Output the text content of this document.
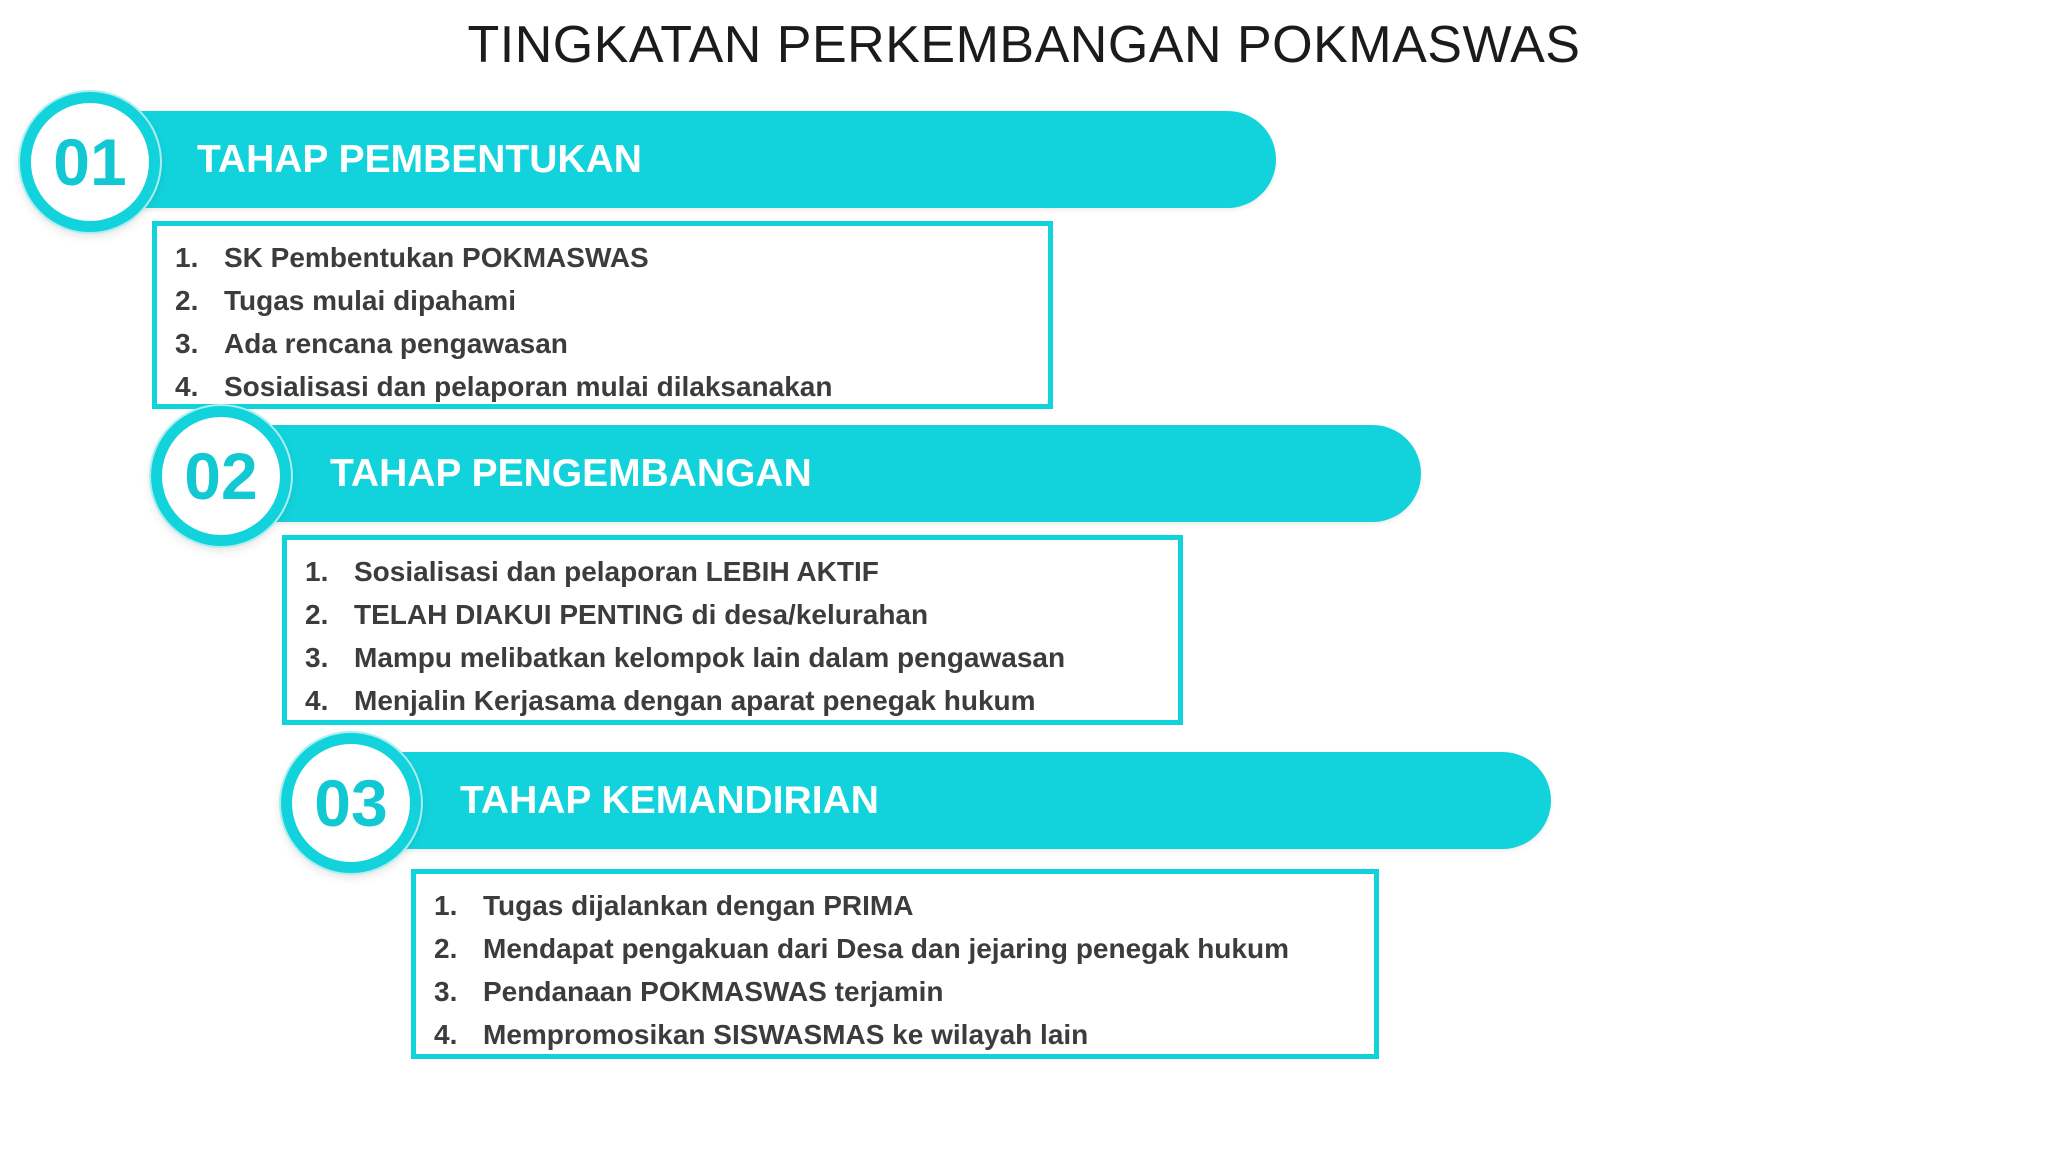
TINGKATAN PERKEMBANGAN POKMASWAS
TAHAP PEMBENTUKAN
01
1. SK Pembentukan POKMASWAS
2. Tugas mulai dipahami
3. Ada rencana pengawasan
4. Sosialisasi dan pelaporan mulai dilaksanakan
TAHAP PENGEMBANGAN
02
1. Sosialisasi dan pelaporan LEBIH AKTIF
2. TELAH DIAKUI PENTING di desa/kelurahan
3. Mampu melibatkan kelompok lain dalam pengawasan
4. Menjalin Kerjasama dengan aparat penegak hukum
TAHAP KEMANDIRIAN
03
1. Tugas dijalankan dengan PRIMA
2. Mendapat pengakuan dari Desa dan jejaring penegak hukum
3. Pendanaan POKMASWAS terjamin
4. Mempromosikan SISWASMAS ke wilayah lain
